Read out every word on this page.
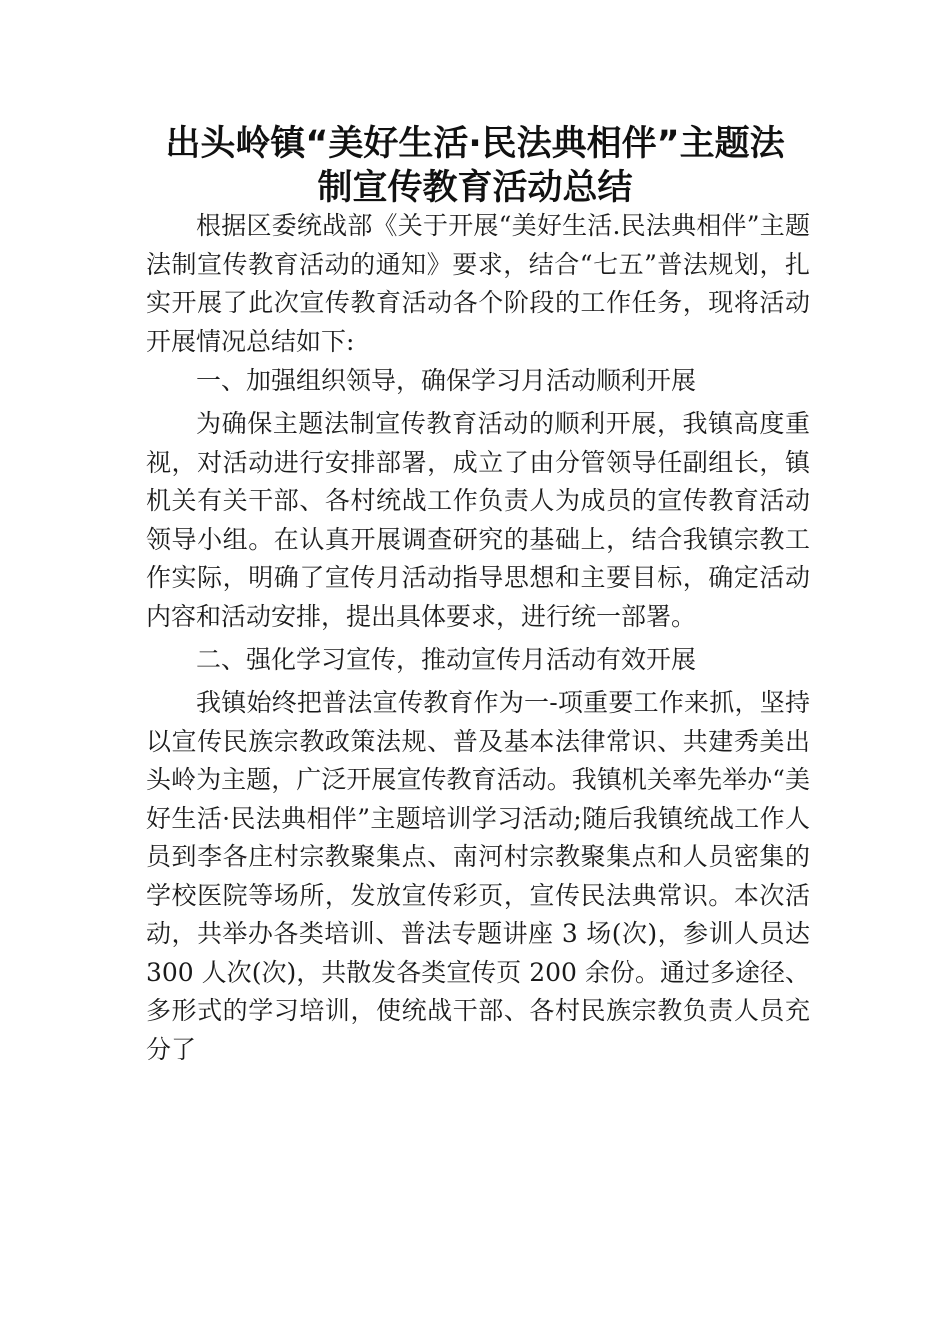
出头岭镇“美好生活·民法典相伴”主题法
制宣传教育活动总结

根据区委统战部《关于开展“美好生活.民法典相伴”主题法制宣传教育活动的通知》要求，结合“七五”普法规划，扎实开展了此次宣传教育活动各个阶段的工作任务，现将活动开展情况总结如下:

一、加强组织领导，确保学习月活动顺利开展

为确保主题法制宣传教育活动的顺利开展，我镇高度重视，对活动进行安排部署，成立了由分管领导任副组长，镇机关有关干部、各村统战工作负责人为成员的宣传教育活动领导小组。在认真开展调查研究的基础上，结合我镇宗教工作实际，明确了宣传月活动指导思想和主要目标，确定活动内容和活动安排，提出具体要求，进行统一部署。

二、强化学习宣传，推动宣传月活动有效开展

我镇始终把普法宣传教育作为一-项重要工作来抓，坚持以宣传民族宗教政策法规、普及基本法律常识、共建秀美出头岭为主题，广泛开展宣传教育活动。我镇机关率先举办“美好生活·民法典相伴”主题培训学习活动;随后我镇统战工作人员到李各庄村宗教聚集点、南河村宗教聚集点和人员密集的学校医院等场所，发放宣传彩页，宣传民法典常识。本次活动，共举办各类培训、普法专题讲座 3 场(次)，参训人员达 300 人次(次)，共散发各类宣传页 200 余份。通过多途径、多形式的学习培训，使统战干部、各村民族宗教负责人员充分了
